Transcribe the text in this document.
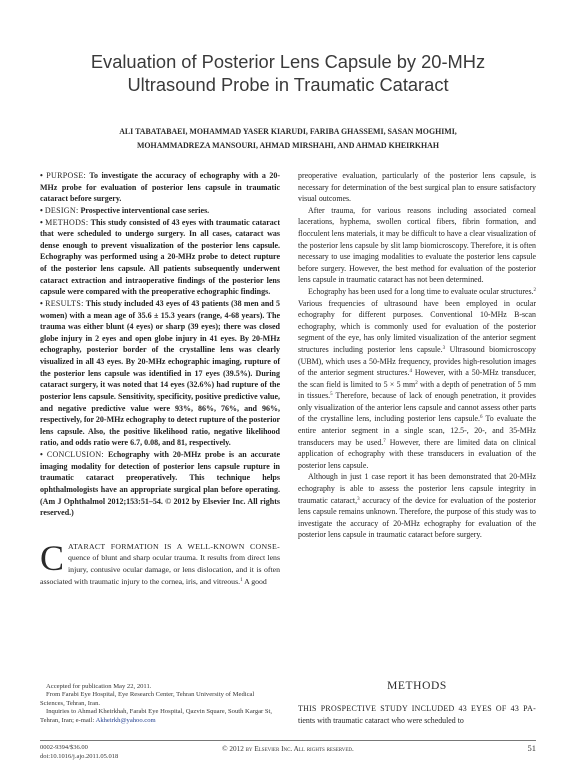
Evaluation of Posterior Lens Capsule by 20-MHz
Ultrasound Probe in Traumatic Cataract
ALI TABATABAEI, MOHAMMAD YASER KIARUDI, FARIBA GHASSEMI, SASAN MOGHIMI,
MOHAMMADREZA MANSOURI, AHMAD MIRSHAHI, AND AHMAD KHEIRKHAH

• PURPOSE: To investigate the accuracy of echography with a 20-MHz probe for evaluation of posterior lens capsule in traumatic cataract before surgery.

• DESIGN: Prospective interventional case series.

• METHODS: This study consisted of 43 eyes with traumatic cataract that were scheduled to undergo surgery. In all cases, cataract was dense enough to prevent visualization of the posterior lens capsule. Echography was performed using a 20-MHz probe to detect rupture of the posterior lens capsule. All patients subsequently underwent cataract extraction and intraoperative findings of the posterior lens capsule were compared with the preoperative echographic findings.

• RESULTS: This study included 43 eyes of 43 patients (38 men and 5 women) with a mean age of 35.6 ± 15.3 years (range, 4-68 years). The trauma was either blunt (4 eyes) or sharp (39 eyes); there was closed globe injury in 2 eyes and open globe injury in 41 eyes. By 20-MHz echography, posterior border of the crystalline lens was clearly visualized in all 43 eyes. By 20-MHz echographic imaging, rupture of the posterior lens capsule was identified in 17 eyes (39.5%). During cataract surgery, it was noted that 14 eyes (32.6%) had rupture of the posterior lens capsule. Sensitivity, specificity, positive predictive value, and negative predictive value were 93%, 86%, 76%, and 96%, respectively, for 20-MHz echography to detect rupture of the posterior lens capsule. Also, the positive likelihood ratio, negative likelihood ratio, and odds ratio were 6.7, 0.08, and 81, respectively.

• CONCLUSION: Echography with 20-MHz probe is an accurate imaging modality for detection of posterior lens capsule rupture in traumatic cataract preoperatively. This technique helps ophthalmologists have an appropriate surgical plan before operating. (Am J Ophthalmol 2012;153:51–54. © 2012 by Elsevier Inc. All rights reserved.)

C ATARACT FORMATION IS A WELL-KNOWN CONSE- quence of blunt and sharp ocular trauma. It results from direct lens injury, contusive ocular damage, or lens dislocation, and it is often associated with traumatic injury to the cornea, iris, and vitreous.$^1$ A good

Accepted for publication May 22, 2011.

From Farabi Eye Hospital, Eye Research Center, Tehran University of Medical Sciences, Tehran, Iran.

Inquiries to Ahmad Kheirkhah, Farabi Eye Hospital, Qazvin Square, South Kargar St, Tehran, Iran; e-mail: Akheirkh@yahoo.com

preoperative evaluation, particularly of the posterior lens capsule, is necessary for determination of the best surgical plan to ensure satisfactory visual outcomes.

After trauma, for various reasons including associated corneal lacerations, hyphema, swollen cortical fibers, fibrin formation, and flocculent lens materials, it may be difficult to have a clear visualization of the posterior lens capsule by slit lamp biomicroscopy. Therefore, it is often necessary to use imaging modalities to evaluate the posterior lens capsule before surgery. However, the best method for evaluation of the posterior lens capsule in traumatic cataract has not been determined.

Echography has been used for a long time to evaluate ocular structures.$^2$ Various frequencies of ultrasound have been employed in ocular echography for different purposes. Conventional 10-MHz B-scan echography, which is commonly used for evaluation of the posterior segment of the eye, has only limited visualization of the anterior segment structures including posterior lens capsule.$^3$ Ultrasound biomicroscopy (UBM), which uses a 50-MHz frequency, provides high-resolution images of the anterior segment structures.$^4$ However, with a 50-MHz transducer, the scan field is limited to 5 × 5 $mm^2$ with a depth of penetration of 5 mm in tissues.$^5$ Therefore, because of lack of enough penetration, it provides only visualization of the anterior lens capsule and cannot assess other parts of the crystalline lens, including posterior lens capsule.$^6$ To evaluate the entire anterior segment in a single scan, 12.5-, 20-, and 35-MHz transducers may be used.$^7$ However, there are limited data on clinical application of echography with these transducers in evaluation of the posterior lens capsule.

Although in just 1 case report it has been demonstrated that 20-MHz echography is able to assess the posterior lens capsule integrity in traumatic cataract,$^3$ accuracy of the device for evaluation of the posterior lens capsule remains unknown. Therefore, the purpose of this study was to investigate the accuracy of 20-MHz echography for evaluation of the posterior lens capsule in traumatic cataract before surgery.

METHODS

THIS PROSPECTIVE STUDY INCLUDED 43 EYES OF 43 PA- tients with traumatic cataract who were scheduled to

0002-9394/$36.00
doi:10.1016/j.ajo.2011.05.018
© 2012 by Elsevier Inc. All rights reserved.	51
